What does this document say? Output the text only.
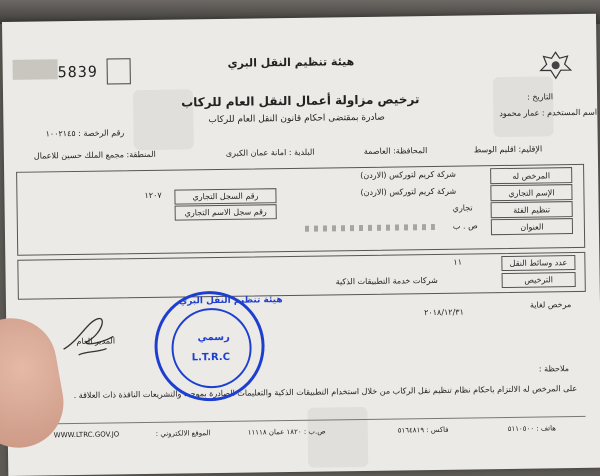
5839
هيئة تنظيم النقل البري
ترخيص مزاولة أعمال النقل العام للركاب
صادرة بمقتضى احكام قانون النقل العام للركاب
التاريخ :
اسم المستخدم : عمار محمود
رقم الرخصة : ١٠٠٢١٤٥
الإقليم: اقليم الوسط
المحافظة: العاصمة
البلدية : امانة عمان الكبرى
المنطقة: مجمع الملك حسين للاعمال
المرخص له
الإسم التجاري
تنظيم الفئة
العنوان
شركة كريم لتوركس (الاردن)
شركة كريم لتوركس (الاردن)
تجاري
ص . ب
رقم السجل التجاري
رقم سجل الاسم التجاري
١٢٠٧
عدد وسائط النقل
الترخيص
١١
شركات خدمة التطبيقات الذكية
مرخص لغاية
٢٠١٨/١٢/٣١
المدير العام
ملاحظة :
على المرخص له الالتزام باحكام نظام تنظيم نقل الركاب من خلال استخدام التطبيقات الذكية والتعليمات الصادرة بموجبه والتشريعات النافذة ذات العلاقة .
هاتف : ٥١١٠٥٠٠
فاكس : ٥١٦٤٨١٩
ص.ب : ١٨٢٠ عمان ١١١١٨
الموقع الالكتروني :
WWW.LTRC.GOV.JO
هيئة تنظيم النقل البري
رسمي
L.T.R.C
